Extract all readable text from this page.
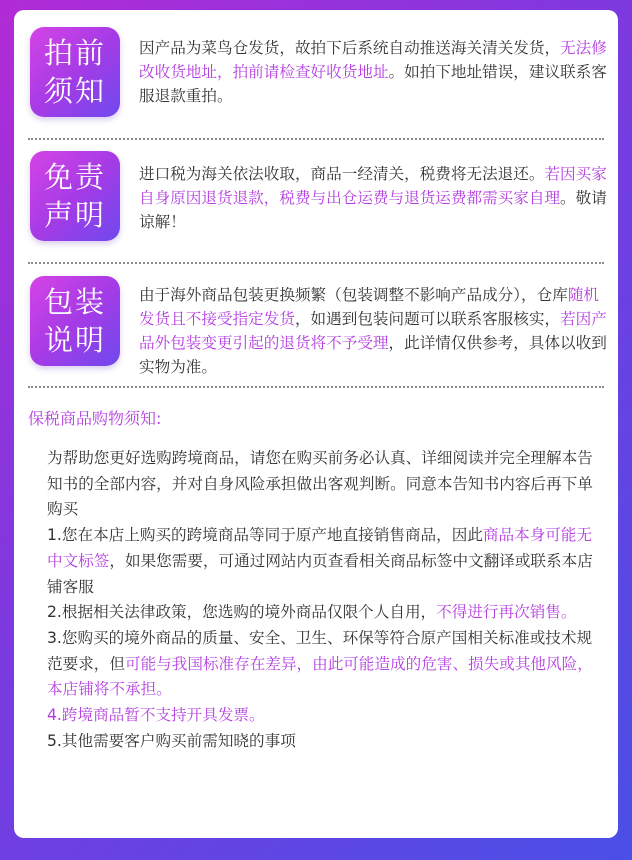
拍前
须知
因产品为菜鸟仓发货，故拍下后系统自动推送海关清关发货，无法修改收货地址，拍前请检查好收货地址。如拍下地址错误，建议联系客服退款重拍。
免责
声明
进口税为海关依法收取，商品一经清关，税费将无法退还。若因买家自身原因退货退款，税费与出仓运费与退货运费都需买家自理。敬请谅解！
包装
说明
由于海外商品包装更换频繁（包装调整不影响产品成分），仓库随机发货且不接受指定发货，如遇到包装问题可以联系客服核实，若因产品外包装变更引起的退货将不予受理，此详情仅供参考，具体以收到实物为准。
保税商品购物须知:

为帮助您更好选购跨境商品，请您在购买前务必认真、详细阅读并完全理解本告知书的全部内容，并对自身风险承担做出客观判断。同意本告知书内容后再下单购买

1.您在本店上购买的跨境商品等同于原产地直接销售商品，因此商品本身可能无中文标签，如果您需要，可通过网站内页查看相关商品标签中文翻译或联系本店铺客服

2.根据相关法律政策，您选购的境外商品仅限个人自用，不得进行再次销售。

3.您购买的境外商品的质量、安全、卫生、环保等符合原产国相关标准或技术规范要求，但可能与我国标准存在差异，由此可能造成的危害、损失或其他风险，本店铺将不承担。

4.跨境商品暂不支持开具发票。

5.其他需要客户购买前需知晓的事项
